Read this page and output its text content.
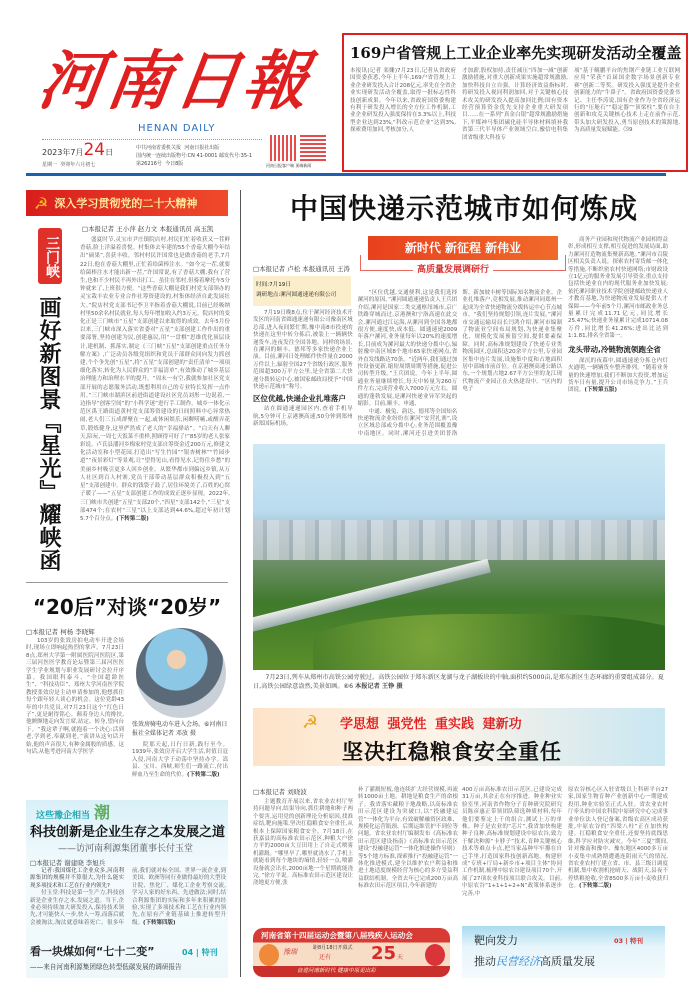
河南日報
HENAN DAILY
2023年7月24日
星期一 癸卯年六月初七
中共河南省委机关报 河南日报社出版
国内统一连续出版物号:CN 41-0001 邮发代号:35-1
第26216号 今日8版	河南日报客户端 顶端新闻
169户省管规上工业企业率先实现研发活动全覆盖
本报讯(记者 栾姗)7月23日,记者从省政府国资委获悉,今年上半年,169户省管规上工业企业研发投入合计208亿元,率先在全省企业实现研发活动全覆盖,取得一批标志性科技创新成果。今年以来,省政府国资委构建有利于研发投入增长的全方位工作机制,工业企业研发投入强度保持在3.3%以上,科技型企业达到23%,“科改示范企业”达到3%,探索费用加回,考核加分,人
才加薪,股权加持,责任减压“四加一减”创新激励措施,对重大创新成果实施超常规激励,加快科技自立自强。计算经济效益指标时,将研发投入视同利润加回,对于关键核心技术攻关的研发投入提高加回比例;国有资本经营预算资金优先支持企业重大研发项目……在一系列“真金白银”超常规激励措施下,平煤神马集团碳化硅半导体材料填补我省第三代半导体产业领域空白,豫信电科集团省级重大科技专
项“基于鲲鹏平台的焦钢产业链工业互联网应用”荣获“首届国企数字场景创新专业赛”创新二等奖。研发投入强度是提升企业创新能力的“牛鼻子”。省政府国资委党委书记、主任李涛说,国有企业作为全省经济运行的“压舱石”“稳定器”“顶梁柱”,要在自主创新和攻克关键核心技术上走在前作示范,带头加大研发投入,勇当原创技术的策源地,为高质量发展赋能。⑶9
☭ 深入学习贯彻党的二十大精神
三门峡
画好新图景『星光』耀峡函
□本报记者 王小萍 赵力文 本报通讯员 高玉凯

盛夏时节,灵宝市尹庄镇院店村,村民们忙着收获又一茬鲜香菇,脸上洋溢着喜悦。村集体去年建的55个香菇大棚今年结出“硕果”,喜获丰收。邻村村民许国常也是做香菇的老手,7月22日,他在香菇大棚里,正忙着给菌棒注水。“如今完一茬,就要给菌棒注水才能出新一茬,”许国常说,有了香菇大棚,我有了营生,也和不少村民不再外出打工。虽住在邻村,但骑着摩托车5分钟就来了,上班很方便。“这些香菇大棚是我们村党支部领办的灵宝栽丰农业专业合作社筹资建设的,村集体经济自此发展壮大。”院店村党支部书记李卫平指着香菇大棚说,目前已经吸纳村里50余名村民就业,每人每年增加收入约3万元。院店村的变化正是三门峡市“五星”支部创建以来取得的成效。去年5月份以来,三门峡市深入落实省委对“五星”支部创建工作作出的重要部署,坚持创建为民,创建惠民,用“一盘棋”思维优化顶层设计,建机制、抓落实,制定《三门峡“五星”支部创建重点任务分解方案》,广泛动员各级党组织和党员干部群众同向发力抓创建,个个争先创“五星”,将“五星”支部创建的“责任清单”一项项细化落实,转化为人民群众的“幸福清单”,有效推动了城乡基层治理能力和治理水平的提升。“周末一有空,我就参加社区党支部开展的志愿服务活动,既想利用自己的专业特长发挥一点作用。”三门峡市湖滨区前进街道建设社区党员刘彤一边说着,一边指导“创客空间”的“小科学迷”进行手工制作。城乡一体化示范区禹王路街道黄村党支部筹资建设的日间照料中心异常热闹,老人们三五成群聚在一起,或休闲娱乐,闲聊唠嗑,或醒弄花草,锻炼健身,这里俨然成了老人的“幸福驿站”。“白天有人聊天,陪玩,一周七天饭菜不重样,照顾得可好了!”85岁的老人张家彩说。卢氏县潘河乡梅家村党支部自筹资金近200万元,修建文化活动室和小型花园,打造出“写生竹园”“银杏树林”“竹园步道”“夜景彩灯”等景观,让“望得见山,看得见水,记得住乡愁”的美丽乡村吸引更多人回乡创业。从繁华都市到偏远乡镇,从万人社区到百人村寨,党员干部带动基层群众积极投入到“五星”支部创建中。群众的钱袋子鼓了,居住环境美了,百姓的心窝子暖了——“五星”支部创建工作的成效正逐步显现。2022年,三门峡市共创建“五星”支部20个,“四星”支部142个,“三星”支部474个;在农村“三星”以上支部达到44.6%,超过年初计划5.7个百分点。(下转第二版)

“20后”对谈“20岁”
□本报记者 柯杨 李晓辉

103岁的张效房拍电动车开进会场时,现场立即响起热烈的掌声。7月23日8点,郑州大学第一附属医院河医院区,第三届河医医学教育论坛暨第三届河医医学生学业规划与职业发展研讨会拉开序幕。我国眼科泰斗、“全国超龄医生”、“科技功臣”、郑州大学河南医学院教授张效房是主动申请参加的,他想抓住每个跟年轻人谈心的机会。这位党龄43年的中共党员,对7月23日这个“红色日子”,更是耐得铭心。颠着身边人的搀扶,他颤颤地走向发言席,站定、转身,望向台下。“我这辈子啊,就抱着一个决心:活到老,学到老,奉献到老。”演讲从这句话开始,他的声音很大,有种金属般的质感。这句话,从他考进河南大学医学

张效房骑电动车进入会场。⑥河南日报社全媒体记者 邓放 摄

院那天起,日行日新,践行至今。1939年,张效房开启大学生活,时值日寇入侵,河南大学于动荡中坚持办学。嵩县、宝川、西峡,师生们一路流亡,付出鲜血乃至生命的代价。(下转第二版)

这些豫企相当 潮
科技创新是企业生存之本发展之道
——访河南利源集团董事长付玉堂
□本报记者 谢建晓 李旭兵

记者:我国煤化工企业众多,河南利源集团的规模并不算很大,为什么能实现多项技术和工艺在行业内领先?

付玉堂:科技是第一生产力,科技创新是企业生存之本,发展之道。当下,企业必须持续加大研发投入,保持技术领先,才可能快人一步,快人一筹,而落后就会被淘汰,淘汰就意味着死亡。很多年前,我们就对标全国、世界一流企业,到美国、欧洲等同行业做得最好的大型设计院、焦化厂、煤化工企业考察交流,学习人家的好东西、先进做法;同时,结合利源集团的实际和多年来积累的经验,实现了多项技术和工艺在行业内领先,在原有产业链基础上推进转型升级。(下转第四版)

看一块煤如何“七十二变”	04 | 特刊
——来自河南利源集团绿色转型低碳发展的调研报告
中国快递示范城市如何炼成
□本报记者 卢松 本报通讯员 王涛
时间:7月19日
调研地点:漯河圆通速递有限公司
新时代 新征程 新伟业
高质量发展调研行

7月19日晚8点,位于漯河经济技术开发区的河南省圆通速递有限公司豫南区域总部,进入夜间繁忙期,豫中南8市投递的快递在这里中转分拣后,被装上一辆辆快递货车,连夜发往全国各地。同样的场景,在漯河的顺丰、德邦等多家快递企业上演。目前,漯河日处理邮件快件量在2000万件以上,辐射全国27个省级行政区,服务范围超300万平方公里,是全省第二大快递分拨转运中心,被国家邮政局授予“中国快递示范城市”称号。

区位优越,快递企业扎堆落户

站在圆通速递园区内,查看手机导航,5分钟可上京港澳高速,50分钟到郑州新郑国际机场。

“区位优越,交通便利,这是我们选择漯河的原因。”漯河圆通速递负责人王兵团介绍,漯河是国家二类交通枢纽城市,京广铁路穿城而过,京港澳和宁洛高速在此交会,漯河通过江运海,从漯河到全国各地都很方便,速度快,成本低。圆通速递2009年落户漯河,业务量每年以20%的速度增长,目前成为漯河最大的快递分拨中心,辐射豫中南区域8个地市65家快递网点,省外直发线路达70条。“近两年,我们通过加快设备更新,缩短周期周期等措施,促进公司转型升级。”王兵团说。今年上半年,圆通业务量继续增长,每天中转量为260万件左右,完成营业收入7000万元左右。圆通的蓬勃发展,是漯河快递业异军突起的缩影。目前,顺丰、申通、

中通、极兔、韵达、德邦等全国知名快递物流企业纷纷在漯河“安营扎寨”,设立区域总部或分拨中心,业务范围覆盖豫中南地区。同时,漯河还引进美团普洛斯、新加坡丰树等国际知名物流企业。企业扎堆落户,竞相发展,推动漯河同郑州一起成为全省快递物流分拨转运中心节点城市。“我们坚持规划引领,连片发展。”漯河市交通运输局局长闫鸿介绍,漯河市编制了物流业空间布局规划,为快递业集聚化、规模化发展预留空间,提供要素保障。同时,高标准规划建设了快递专业类物流园区,总面积达20余平方公里,专业园区集中连片发展,设施集中度和占地面积居中部城市前首位。在京港澳高速公路以东,一个规划占地2.67平方公里的龙江现代物流产业园正在火热建设中。“区内的电子

商务产业园和现代物流产业园相得益彰,形成相互支撑,相互促进的发展局面,助力漯河打造物流集聚新高地。”漯河市召陵区相关负责人说。探索农村寄货邮一体化等措施,不断织密农村快递网络;市财政设立1亿元的服务业发展引导资金,重点支持包括快递业在内的现代服务业加快发展;依托漯河职业技术学院创建邮政快递业人才教育基地,为快递物流业发展提供人才保障——今年前5个月,漯河市邮政业务总量累计完成11.71亿元,同比增长25.47%;快递业务量累计完成10714.08万件,同比增长41.26%;进出比达到1:1.81,排名全省第一。

龙头带动,冷链物流领跑全省

深沉的夜幕中,圆通速递分拣仓内灯火通明,一辆辆货车整齐排列。“随着业务量的快速增加,我们不断加大投资,增加运货车日有量,提升公司市场竞争力。”王兵团说。(下转第五版)

7月23日,列车从郑州市高铁公园旁驶过。高铁公园位于郑东新区龙湖与龙子湖板块的中轴,面积约5000亩,是郑东新区生态环廊的重要组成部分。夏日,高铁公园绿意盎然,美景如画。⑥6 本报记者 王铮 摄
☭ 学思想 强党性 重实践 建新功
坚决扛稳粮食安全重任
□本报记者 刘晓波

主题教育开展以来,省农业农村厅坚持问题导向,结果导向,抓住耕地和种子两个要害,运用党的创新理论分析原因,找准症结,靶向施策,坚决扛稳粮食安全重任,从根本上保障国家粮食安全。7月18日,在获嘉县的高标准农田示范区,种粮大户徐方平的2000亩大豆田用上了自走式喷雾机灌溉。“哪里旱了,哪里就浇水了,手机上就能看到每个地块的墒情,轻轻一点,喷灌设备就会出水,2000亩地一个星期就能浇完。”徐方平说。高标准农田示范区建设让浇地更方便,张

补了灌溉短板,他连续扩大经营规模,再流转1000亩土地。耕地是粮食生产的命根子。我省落实藏粮于地战略,以高标准农田示范区建设为突破口,以“投融建运管”一体化为平台,有效破解融资区政难、规模化运营瓶颈、后期运维管护不到位等问题。省农业农村厅编制发布《高标准农田示范区建设指南》《高标准农田示范区建设“投融建运管”一体化推进操作导则》等5个地方标准,探索推行“投融建运管”一体化推进模式,建全以维护农户利益和推进土地适度规模经营为核心的多方受益利益联结机制。全省去年已完成200万亩高标准农田示范区项目,今年新建的
400万亩高标准农田示范区,已建设完成31万亩,其余正在有序推进。种业种业实验室里,河南省作物分子育种研究院研究员陈彦惠正带领团队筛选种质材料,每年他们要鉴定上千的组合,测试上万的单株。种子是农业的“芯片”,我省加快构建种子良种,高标准规划建设中原农谷,致力于解决种源“卡脖子”技术,育种关键核心技术等难点卡点,把当家品种牢牢攥在自己手里,打造国家科技创新高地。构建形成“专班+厅局+新乡市+项目主体”协同工作机制,梳理中原农谷建设项目70个,开展了27项农业科技项目联合攻关。目前,中原农谷“1+1+1+2+N”政策体系逐步完善,中
原农谷核心区入驻省级以上科研平台27家,国家生物育种产业创新中心一期建成投用,种业实验室正式入驻。省农业农村厅牵头的中国农科院中原研究中心完成事业单位法人登记备案,省级农高区成功获批,中原农谷的“四梁八柱”正在加快构建。扛稳粮食安全重任,还要坚持底线思维,科学应对防灾减灾。今年“三夏”期间,针对豫南和豫中、豫东地区4000多万亩小麦集中成熟期遭遇连阴雨天气的情况,省农业农村厅建立省、市、县三级日调度机制,集中收割机抢晴天、战阴天,县夜不停烘粮抢收,全省8500多万亩小麦收获归仓。(下转第二版)
河南省第十四届运动会暨第八届残疾人运动会
豫瑞	距8月18日开幕式
还有 25 天
奋进河南新时代 健康中原更出彩
靶向发力	03 | 特刊
推动民营经济高质量发展
